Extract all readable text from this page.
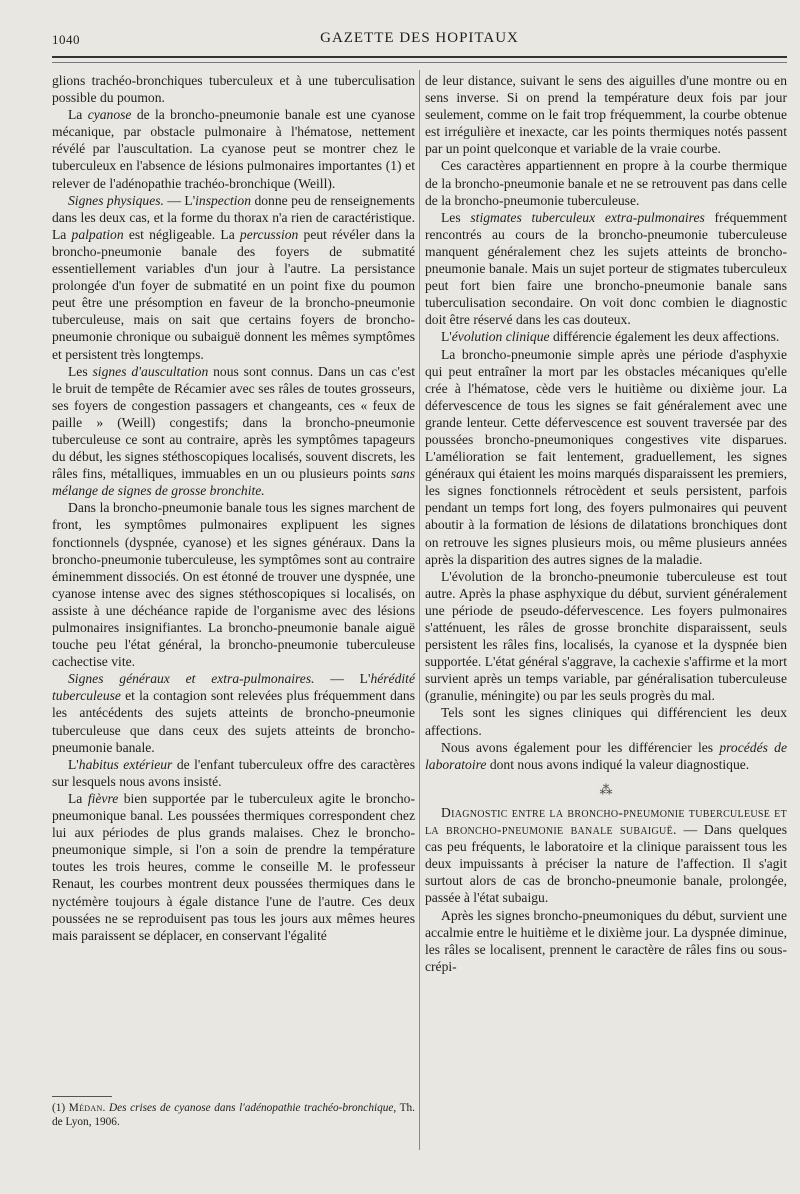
1040	GAZETTE DES HOPITAUX

glions trachéo-bronchiques tuberculeux et à une tuberculisation possible du poumon.

La cyanose de la broncho-pneumonie banale est une cyanose mécanique, par obstacle pulmonaire à l'hématose, nettement révélé par l'auscultation. La cyanose peut se montrer chez le tuberculeux en l'absence de lésions pulmonaires importantes (1) et relever de l'adénopathie trachéo-bronchique (Weill).

Signes physiques. — L'inspection donne peu de renseignements dans les deux cas, et la forme du thorax n'a rien de caractéristique. La palpation est négligeable. La percussion peut révéler dans la broncho-pneumonie banale des foyers de submatité essentiellement variables d'un jour à l'autre. La persistance prolongée d'un foyer de submatité en un point fixe du poumon peut être une présomption en faveur de la broncho-pneumonie tuberculeuse, mais on sait que certains foyers de broncho-pneumonie chronique ou subaiguë donnent les mêmes symptômes et persistent très longtemps.

Les signes d'auscultation nous sont connus. Dans un cas c'est le bruit de tempête de Récamier avec ses râles de toutes grosseurs, ses foyers de congestion passagers et changeants, ces « feux de paille » (Weill) congestifs; dans la broncho-pneumonie tuberculeuse ce sont au contraire, après les symptômes tapageurs du début, les signes stéthoscopiques localisés, souvent discrets, les râles fins, métalliques, immuables en un ou plusieurs points sans mélange de signes de grosse bronchite.

Dans la broncho-pneumonie banale tous les signes marchent de front, les symptômes pulmonaires explipuent les signes fonctionnels (dyspnée, cyanose) et les signes généraux. Dans la broncho-pneumonie tuberculeuse, les symptômes sont au contraire éminemment dissociés. On est étonné de trouver une dyspnée, une cyanose intense avec des signes stéthoscopiques si localisés, on assiste à une déchéance rapide de l'organisme avec des lésions pulmonaires insignifiantes. La broncho-pneumonie banale aiguë touche peu l'état général, la broncho-pneumonie tuberculeuse cachectise vite.

Signes généraux et extra-pulmonaires. — L'hérédité tuberculeuse et la contagion sont relevées plus fréquemment dans les antécédents des sujets atteints de broncho-pneumonie tuberculeuse que dans ceux des sujets atteints de broncho-pneumonie banale.

L'habitus extérieur de l'enfant tuberculeux offre des caractères sur lesquels nous avons insisté.

La fièvre bien supportée par le tuberculeux agite le broncho-pneumonique banal. Les poussées thermiques correspondent chez lui aux périodes de plus grands malaises. Chez le broncho-pneumonique simple, si l'on a soin de prendre la température toutes les trois heures, comme le conseille M. le professeur Renaut, les courbes montrent deux poussées thermiques dans le nyctémère toujours à égale distance l'une de l'autre. Ces deux poussées ne se reproduisent pas tous les jours aux mêmes heures mais paraissent se déplacer, en conservant l'égalité

(1) Médan. Des crises de cyanose dans l'adénopathie trachéo-bronchique, Th. de Lyon, 1906.

de leur distance, suivant le sens des aiguilles d'une montre ou en sens inverse. Si on prend la température deux fois par jour seulement, comme on le fait trop fréquemment, la courbe obtenue est irrégulière et inexacte, car les points thermiques notés passent par un point quelconque et variable de la vraie courbe.

Ces caractères appartiennent en propre à la courbe thermique de la broncho-pneumonie banale et ne se retrouvent pas dans celle de la broncho-pneumonie tuberculeuse.

Les stigmates tuberculeux extra-pulmonaires fréquemment rencontrés au cours de la broncho-pneumonie tuberculeuse manquent généralement chez les sujets atteints de broncho-pneumonie banale. Mais un sujet porteur de stigmates tuberculeux peut fort bien faire une broncho-pneumonie banale sans tuberculisation secondaire. On voit donc combien le diagnostic doit être réservé dans les cas douteux.

L'évolution clinique différencie également les deux affections.

La broncho-pneumonie simple après une période d'asphyxie qui peut entraîner la mort par les obstacles mécaniques qu'elle crée à l'hématose, cède vers le huitième ou dixième jour. La défervescence de tous les signes se fait généralement avec une grande lenteur. Cette défervescence est souvent traversée par des poussées broncho-pneumoniques congestives vite disparues. L'amélioration se fait lentement, graduellement, les signes généraux qui étaient les moins marqués disparaissent les premiers, les signes fonctionnels rétrocèdent et seuls persistent, parfois pendant un temps fort long, des foyers pulmonaires qui peuvent aboutir à la formation de lésions de dilatations bronchiques dont on retrouve les signes plusieurs mois, ou même plusieurs années après la disparition des autres signes de la maladie.

L'évolution de la broncho-pneumonie tuberculeuse est tout autre. Après la phase asphyxique du début, survient généralement une période de pseudo-défervescence. Les foyers pulmonaires s'atténuent, les râles de grosse bronchite disparaissent, seuls persistent les râles fins, localisés, la cyanose et la dyspnée bien supportée. L'état général s'aggrave, la cachexie s'affirme et la mort survient après un temps variable, par généralisation tuberculeuse (granulie, méningite) ou par les seuls progrès du mal.

Tels sont les signes cliniques qui différencient les deux affections.

Nous avons également pour les différencier les procédés de laboratoire dont nous avons indiqué la valeur diagnostique.

⁂

Diagnostic entre la broncho-pneumonie tuberculeuse et la broncho-pneumonie banale subaiguë. — Dans quelques cas peu fréquents, le laboratoire et la clinique paraissent tous les deux impuissants à préciser la nature de l'affection. Il s'agit surtout alors de cas de broncho-pneumonie banale, prolongée, passée à l'état subaigu.

Après les signes broncho-pneumoniques du début, survient une accalmie entre le huitième et le dixième jour. La dyspnée diminue, les râles se localisent, prennent le caractère de râles fins ou sous-crépi-
